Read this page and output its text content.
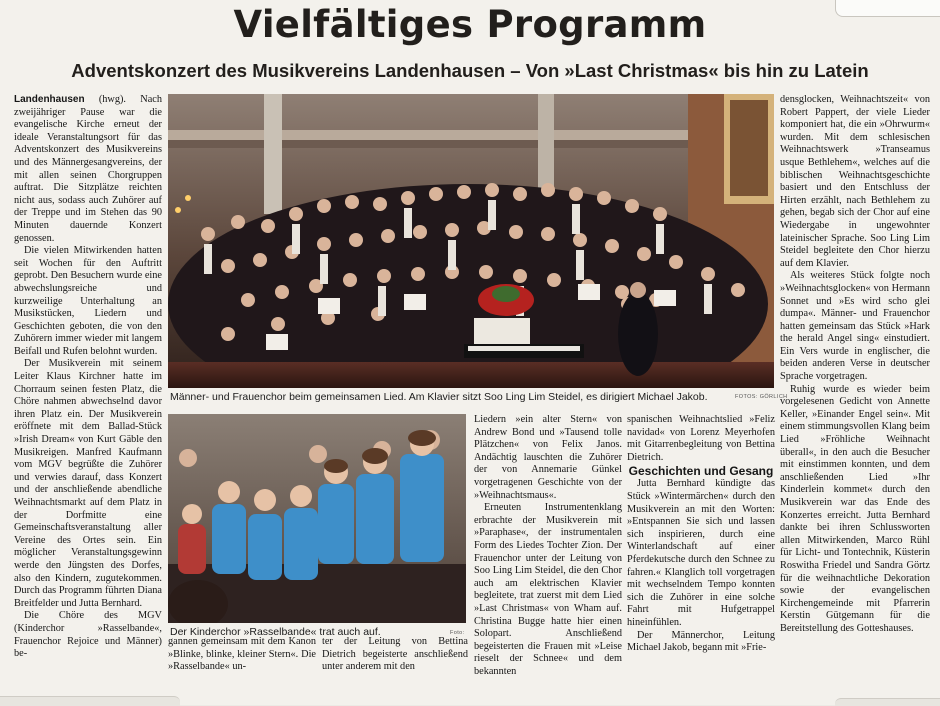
Vielfältiges Programm
Adventskonzert des Musikvereins Landenhausen – Von »Last Christmas« bis hin zu Latein

Landenhausen (hwg). Nach zweijähriger Pause war die evangelische Kirche erneut der ideale Veranstaltungsort für das Adventskonzert des Musikvereins und des Männergesangvereins, der mit allen seinen Chorgruppen auftrat. Die Sitzplätze reichten nicht aus, sodass auch Zuhörer auf der Treppe und im Stehen das 90 Minuten dauernde Konzert genossen.

Die vielen Mitwirkenden hatten seit Wochen für den Auftritt geprobt. Den Besuchern wurde eine abwechslungsreiche und kurzweilige Unterhaltung an Musikstücken, Liedern und Geschichten geboten, die von den Zuhörern immer wieder mit langem Beifall und Rufen belohnt wurden.

Der Musikverein mit seinem Leiter Klaus Kirchner hatte im Chorraum seinen festen Platz, die Chöre nahmen abwechselnd davor ihren Platz ein. Der Musikverein eröffnete mit dem Ballad-Stück »Irish Dream« von Kurt Gäble den Musikreigen. Manfred Kaufmann vom MGV begrüßte die Zuhörer und verwies darauf, dass Konzert und der anschließende abendliche Weihnachtsmarkt auf dem Platz in der Dorfmitte eine Gemeinschaftsveranstaltung aller Vereine des Ortes sein. Ein möglicher Veranstaltungsgewinn werde den Jüngsten des Dorfes, also den Kindern, zugutekommen. Durch das Programm führten Diana Breitfelder und Jutta Bernhard.

Die Chöre des MGV (Kinderchor »Rasselbande«, Frauenchor Rejoice und Männer) be-

Männer- und Frauenchor beim gemeinsamen Lied. Am Klavier sitzt Soo Ling Lim Steidel, es dirigiert Michael Jakob.	FOTOS: GÖRLICH
Der Kinderchor »Rasselbande« trat auch auf.	Foto:

gannen gemeinsam mit dem Kanon »Blinke, blinke, kleiner Stern«. Die »Rasselbande« un-

ter der Leitung von Bettina Dietrich begeisterte anschließend unter anderem mit den

Liedern »ein alter Stern« von Andrew Bond und »Tausend tolle Plätzchen« von Felix Janos. Andächtig lauschten die Zuhörer der von Annemarie Günkel vorgetragenen Geschichte von der »Weihnachtsmaus«.

Erneuten Instrumentenklang erbrachte der Musikverein mit »Paraphase«, der instrumentalen Form des Liedes Tochter Zion. Der Frauenchor unter der Leitung von Soo Ling Lim Steidel, die den Chor auch am elektrischen Klavier begleitete, trat zuerst mit dem Lied »Last Christmas« von Wham auf. Christina Bugge hatte hier einen Solopart. Anschließend begeisterten die Frauen mit »Leise rieselt der Schnee« und dem bekannten

spanischen Weihnachtslied »Feliz navidad« von Lorenz Meyerhofen mit Gitarrenbegleitung von Bettina Dietrich.

Geschichten und Gesang

Jutta Bernhard kündigte das Stück »Wintermärchen« durch den Musikverein an mit den Worten: »Entspannen Sie sich und lassen sich inspirieren, durch eine Winterlandschaft auf einer Pferdekutsche durch den Schnee zu fahren.« Klanglich toll vorgetragen mit wechselndem Tempo konnten sich die Zuhörer in eine solche Fahrt mit Hufgetrappel hineinfühlen.

Der Männerchor, Leitung Michael Jakob, begann mit »Frie-

densglocken, Weihnachtszeit« von Robert Pappert, der viele Lieder komponiert hat, die ein »Ohrwurm« wurden. Mit dem schlesischen Weihnachtswerk »Transeamus usque Bethlehem«, welches auf die biblischen Weihnachtsgeschichte basiert und den Entschluss der Hirten erzählt, nach Bethlehem zu gehen, begab sich der Chor auf eine Wiedergabe in ungewohnter lateinischer Sprache. Soo Ling Lim Steidel begleitete den Chor hierzu auf dem Klavier.

Als weiteres Stück folgte noch »Weihnachtsglocken« von Hermann Sonnet und »Es wird scho glei dumpa«. Männer- und Frauenchor hatten gemeinsam das Stück »Hark the herald Angel sing« einstudiert. Ein Vers wurde in englischer, die beiden anderen Verse in deutscher Sprache vorgetragen.

Ruhig wurde es wieder beim vorgelesenen Gedicht von Annette Keller, »Einander Engel sein«. Mit einem stimmungsvollen Klang beim Lied »Fröhliche Weihnacht überall«, in den auch die Besucher mit einstimmen konnten, und dem anschließenden Lied »Ihr Kinderlein kommet« durch den Musikverein war das Ende des Konzertes erreicht. Jutta Bernhard dankte bei ihren Schlussworten allen Mitwirkenden, Marco Rühl für Licht- und Tontechnik, Küsterin Roswitha Friedel und Sandra Görtz für die weihnachtliche Dekoration sowie der evangelischen Kirchengemeinde mit Pfarrerin Kerstin Gütgemann für die Bereitstellung des Gotteshauses.
